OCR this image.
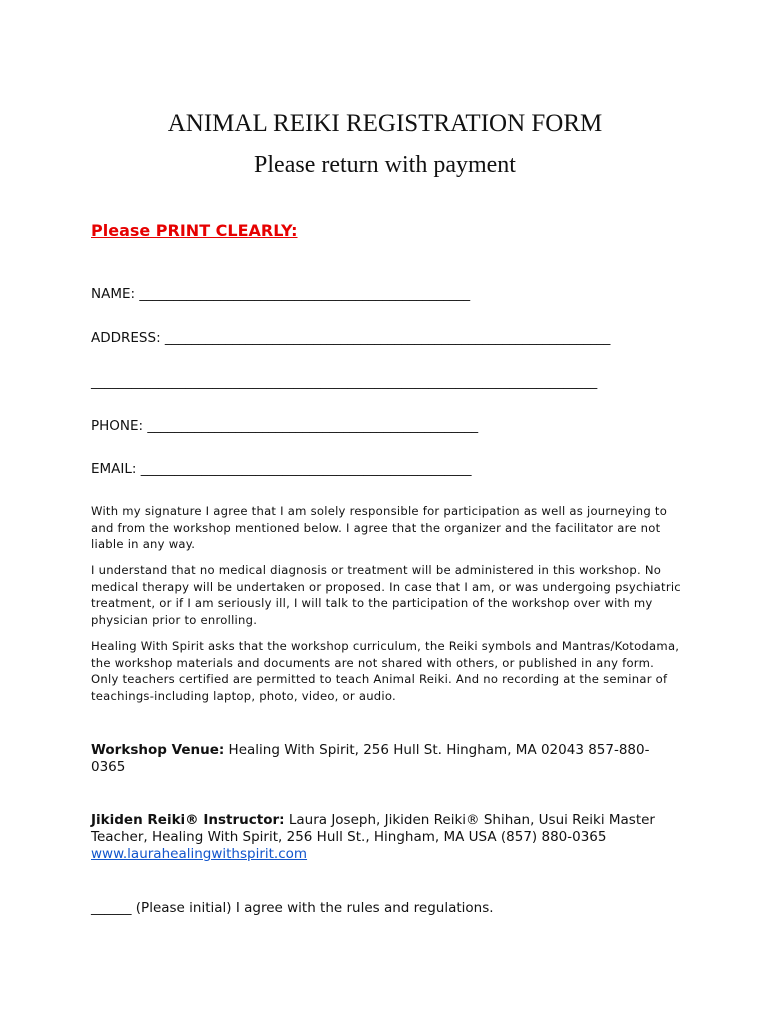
ANIMAL REIKI REGISTRATION FORM
Please return with payment
Please PRINT CLEARLY:
NAME: _________________________________________________
ADDRESS: __________________________________________________________________
___________________________________________________________________________
PHONE: _________________________________________________
EMAIL: _________________________________________________
With my signature I agree that I am solely responsible for participation as well as journeying to and from the workshop mentioned below. I agree that the organizer and the facilitator are not liable in any way.
I understand that no medical diagnosis or treatment will be administered in this workshop. No medical therapy will be undertaken or proposed. In case that I am, or was undergoing psychiatric treatment, or if I am seriously ill, I will talk to the participation of the workshop over with my physician prior to enrolling.
Healing With Spirit asks that the workshop curriculum, the Reiki symbols and Mantras/Kotodama, the workshop materials and documents are not shared with others, or published in any form. Only teachers certified are permitted to teach Animal Reiki. And no recording at the seminar of teachings-including laptop, photo, video, or audio.
Workshop Venue: Healing With Spirit, 256 Hull St. Hingham, MA 02043 857-880-0365
Jikiden Reiki® Instructor: Laura Joseph, Jikiden Reiki® Shihan, Usui Reiki Master Teacher, Healing With Spirit, 256 Hull St., Hingham, MA USA (857) 880-0365
www.laurahealingwithspirit.com
______ (Please initial) I agree with the rules and regulations.
